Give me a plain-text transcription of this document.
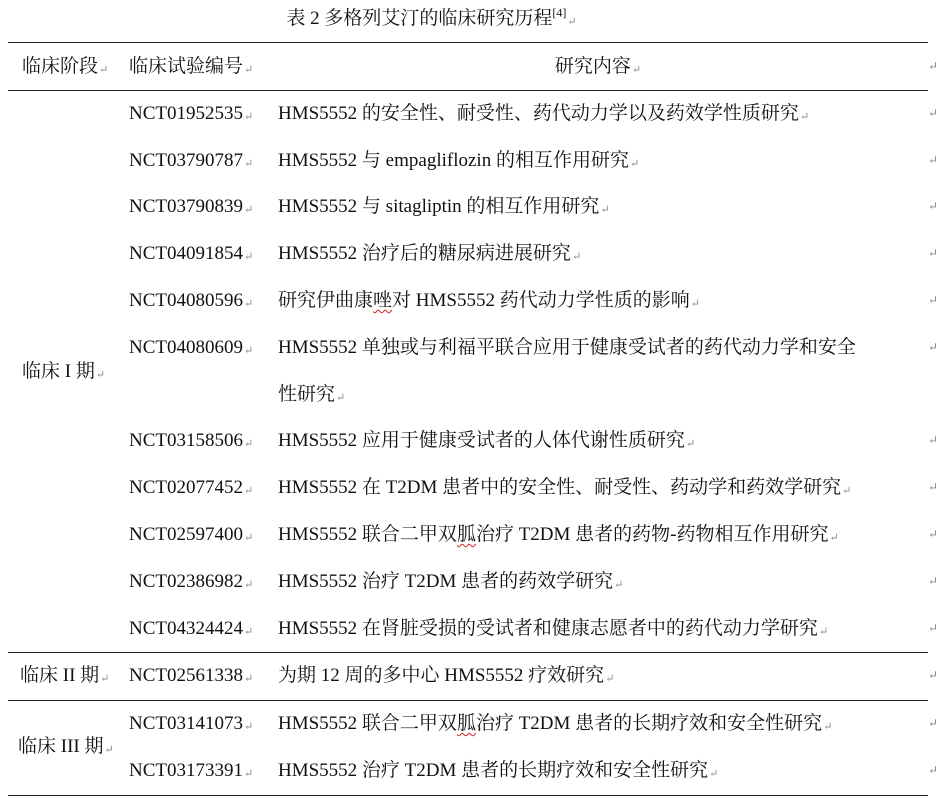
表 2 多格列艾汀的临床研究历程[4]↵
临床阶段↵ 临床试验编号↵	研究内容↵
临床 I 期↵
NCT01952535↵ HMS5552 的安全性、耐受性、药代动力学以及药效学性质研究↵
NCT03790787↵ HMS5552 与 empagliflozin 的相互作用研究↵
NCT03790839↵ HMS5552 与 sitagliptin 的相互作用研究↵
NCT04091854↵ HMS5552 治疗后的糖尿病进展研究↵
NCT04080596↵ 研究伊曲康唑对 HMS5552 药代动力学性质的影响↵
NCT04080609↵ HMS5552 单独或与利福平联合应用于健康受试者的药代动力学和安全
性研究↵
NCT03158506↵ HMS5552 应用于健康受试者的人体代谢性质研究↵
NCT02077452↵ HMS5552 在 T2DM 患者中的安全性、耐受性、药动学和药效学研究↵
NCT02597400↵ HMS5552 联合二甲双胍治疗 T2DM 患者的药物-药物相互作用研究↵
NCT02386982↵ HMS5552 治疗 T2DM 患者的药效学研究↵
NCT04324424↵ HMS5552 在肾脏受损的受试者和健康志愿者中的药代动力学研究↵
临床 II 期↵ NCT02561338↵ 为期 12 周的多中心 HMS5552 疗效研究↵
临床 III 期↵
NCT03141073↵ HMS5552 联合二甲双胍治疗 T2DM 患者的长期疗效和安全性研究↵
NCT03173391↵ HMS5552 治疗 T2DM 患者的长期疗效和安全性研究↵
↵
↵
↵
↵
↵
↵
↵
↵
↵
↵
↵
↵
↵
↵
↵
